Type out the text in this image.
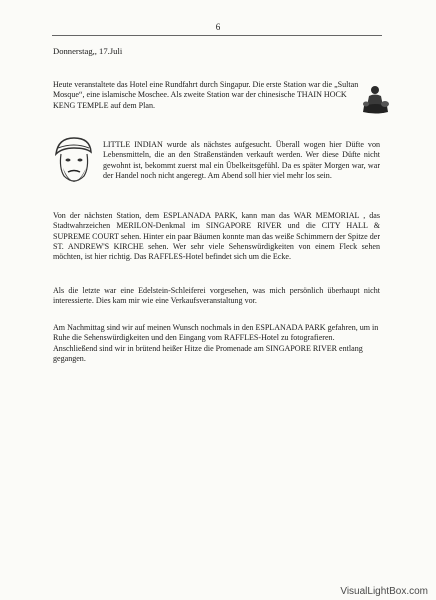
6
Donnerstag,, 17.Juli
Heute veranstaltete das Hotel eine Rundfahrt durch Singapur. Die erste Station war die „Sultan Mosque“, eine islamische Moschee. Als zweite Station war der chinesische THAIN HOCK KENG TEMPLE auf dem Plan.
LITTLE INDIAN wurde als nächstes aufgesucht. Überall wogen hier Düfte von Lebensmitteln, die an den Straßenständen verkauft werden. Wer diese Düfte nicht gewohnt ist, bekommt zuerst mal ein Übelkeitsgefühl. Da es später Morgen war, war der Handel noch nicht angeregt. Am Abend soll hier viel mehr los sein.
Von der nächsten Station, dem ESPLANADA PARK, kann man das WAR MEMORIAL , das Stadtwahrzeichen MERILON-Denkmal im SINGAPORE RIVER und die CITY HALL & SUPREME COURT sehen. Hinter ein paar Bäumen konnte man das weiße Schimmern der Spitze der ST. ANDREW'S KIRCHE sehen. Wer sehr viele Sehenswürdigkeiten von einem Fleck sehen möchten, ist hier richtig. Das RAFFLES-Hotel befindet sich um die Ecke.
Als die letzte war eine Edelstein-Schleiferei vorgesehen, was mich persönlich überhaupt nicht interessierte. Dies kam mir wie eine Verkaufsveranstaltung vor.
Am Nachmittag sind wir auf meinen Wunsch nochmals in den ESPLANADA PARK gefahren, um in Ruhe die Sehenswürdigkeiten und den Eingang vom RAFFLES-Hotel zu fotografieren. Anschließend sind wir in brütend heißer Hitze die Promenade am SINGAPORE RIVER entlang gegangen.
VisualLightBox.com
